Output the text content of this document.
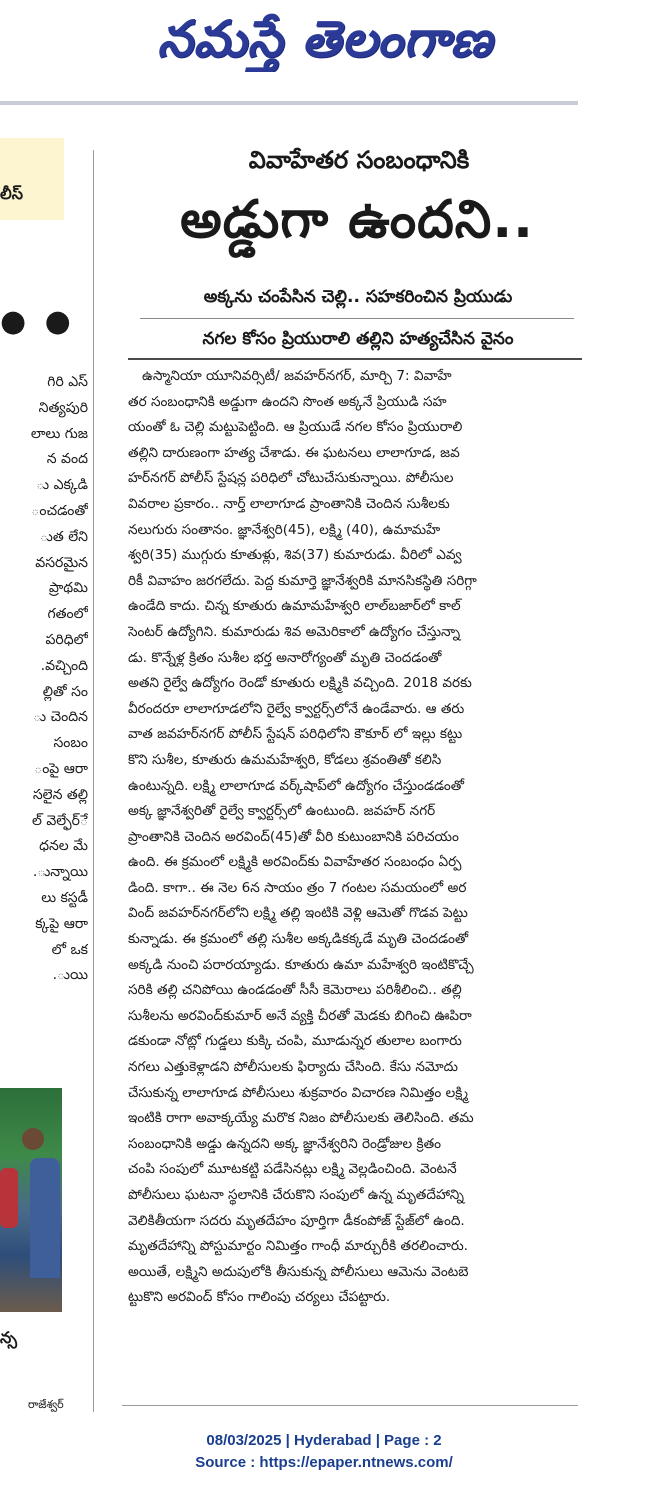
నమస్తే తెలంగాణ
లీస్
● ●
గిరి ఎస్
నిత్యపురి
లాలు గుజ
న వంద
ు ఎక్కడి
ంచడంతో
ుత లేని
వసరమైన
ప్రాథమి
గతంలో
పరిధిలో
వచ్చింది.
ల్లితో సం
ు చెందిన
సంబం
ంపై ఆరా
సలైన తల్లి
ేల్ వెల్ఫేర్
ధనల మే
ున్నాయి.
లు కస్టడీ
క్కపై ఆరా
లో ఒక
ుయి.
న్స
రాజేశ్వర్
వివాహేతర సంబంధానికి
అడ్డుగా ఉందని..
అక్కను చంపేసిన చెల్లి.. సహకరించిన ప్రియుడు
నగల కోసం ప్రియురాలి తల్లిని హత్యచేసిన వైనం
ఉస్మానియా యూనివర్సిటీ/ జవహర్‌నగర్, మార్చి 7: వివాహే
తర సంబంధానికి అడ్డుగా ఉందని సొంత అక్కనే ప్రియుడి సహ
యంతో ఓ చెల్లి మట్టుపెట్టింది. ఆ ప్రియుడే నగల కోసం ప్రియురాలి
తల్లిని దారుణంగా హత్య చేశాడు. ఈ ఘటనలు లాలాగూడ, జవ
హర్‌నగర్ పోలీస్ స్టేషన్ల పరిధిలో చోటుచేసుకున్నాయి. పోలీసుల
వివరాల ప్రకారం.. నార్త్ లాలాగూడ ప్రాంతానికి చెందిన సుశీలకు
నలుగురు సంతానం. జ్ఞానేశ్వరి(45), లక్ష్మి (40), ఉమామహే
శ్వరి(35) ముగ్గురు కూతుళ్లు, శివ(37) కుమారుడు. వీరిలో ఎవ్వ
రికీ వివాహం జరగలేదు. పెద్ద కుమార్తె జ్ఞానేశ్వరికి మానసికస్థితి సరిగ్గా
ఉండేది కాదు. చిన్న కూతురు ఉమామహేశ్వరి లాల్‌బజార్‌లో కాల్
సెంటర్ ఉద్యోగిని. కుమారుడు శివ అమెరికాలో ఉద్యోగం చేస్తున్నా
డు. కొన్నేళ్ల క్రితం సుశీల భర్త అనారోగ్యంతో మృతి చెందడంతో
అతని రైల్వే ఉద్యోగం రెండో కూతురు లక్ష్మికి వచ్చింది. 2018 వరకు
వీరందరూ లాలాగూడలోని రైల్వే క్వార్టర్స్‌లోనే ఉండేవారు. ఆ తరు
వాత జవహర్‌నగర్ పోలీస్ స్టేషన్ పరిధిలోని కౌకూర్ లో ఇల్లు కట్టు
కొని సుశీల, కూతురు ఉమమహేశ్వరి, కోడలు శ్రవంతితో కలిసి
ఉంటున్నది. లక్ష్మి లాలాగూడ వర్క్‌షాప్‌లో ఉద్యోగం చేస్తుండడంతో
అక్క జ్ఞానేశ్వరితో రైల్వే క్వార్టర్స్‌లో ఉంటుంది. జవహర్ నగర్
ప్రాంతానికి చెందిన అరవింద్(45)తో వీరి కుటుంబానికి పరిచయం
ఉంది. ఈ క్రమంలో లక్ష్మికి అరవింద్‌కు వివాహేతర సంబంధం ఏర్ప
డింది. కాగా.. ఈ నెల 6న సాయం త్రం 7 గంటల సమయంలో అర
వింద్ జవహర్‌నగర్‌లోని లక్ష్మి తల్లి ఇంటికి వెళ్లి ఆమెతో గొడవ పెట్టు
కున్నాడు. ఈ క్రమంలో తల్లి సుశీల అక్కడికక్కడే మృతి చెందడంతో
అక్కడి నుంచి పరారయ్యాడు. కూతురు ఉమా మహేశ్వరి ఇంటికొచ్చే
సరికి తల్లి చనిపోయి ఉండడంతో సీసీ కెమెరాలు పరిశీలించి.. తల్లి
సుశీలను అరవింద్‌కుమార్ అనే వ్యక్తి చీరతో మెడకు బిగించి ఊపిరా
డకుండా నోట్లో గుడ్డలు కుక్కి చంపి, మూడున్నర తులాల బంగారు
నగలు ఎత్తుకెళ్లాడని పోలీసులకు ఫిర్యాదు చేసింది. కేసు నమోదు
చేసుకున్న లాలాగూడ పోలీసులు శుక్రవారం విచారణ నిమిత్తం లక్ష్మి
ఇంటికి రాగా అవాక్కయ్యే మరొక నిజం పోలీసులకు తెలిసింది. తమ
సంబంధానికి అడ్డు ఉన్నదని అక్క జ్ఞానేశ్వరిని రెండ్రోజుల క్రితం
చంపి సంపులో మూటకట్టి పడేసినట్లు లక్ష్మి వెల్లడించింది. వెంటనే
పోలీసులు ఘటనా స్థలానికి చేరుకొని సంపులో ఉన్న మృతదేహాన్ని
వెలికితీయగా సదరు మృతదేహం పూర్తిగా డీకంపోజ్ స్టేజ్‌లో ఉంది.
మృతదేహాన్ని పోస్టుమార్టం నిమిత్తం గాంధీ మార్చురీకి తరలించారు.
అయితే, లక్ష్మిని అదుపులోకి తీసుకున్న పోలీసులు ఆమెను వెంటబె
ట్టుకొని అరవింద్ కోసం గాలింపు చర్యలు చేపట్టారు.
08/03/2025 | Hyderabad | Page : 2
Source : https://epaper.ntnews.com/
